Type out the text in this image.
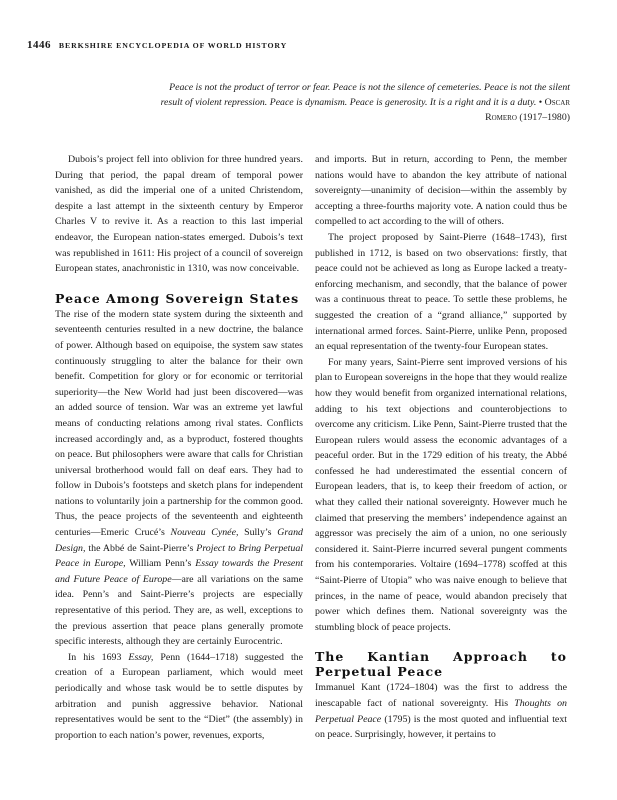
1446 BERKSHIRE ENCYCLOPEDIA OF WORLD HISTORY
Peace is not the product of terror or fear. Peace is not the silence of cemeteries. Peace is not the silent result of violent repression. Peace is dynamism. Peace is generosity. It is a right and it is a duty. • Oscar Romero (1917–1980)

Dubois’s project fell into oblivion for three hundred years. During that period, the papal dream of temporal power vanished, as did the imperial one of a united Christendom, despite a last attempt in the sixteenth century by Emperor Charles V to revive it. As a reaction to this last imperial endeavor, the European nation-states emerged. Dubois’s text was republished in 1611: His project of a council of sovereign European states, anachronistic in 1310, was now conceivable.

Peace Among Sovereign States

The rise of the modern state system during the sixteenth and seventeenth centuries resulted in a new doctrine, the balance of power. Although based on equipoise, the system saw states continuously struggling to alter the balance for their own benefit. Competition for glory or for economic or territorial superiority—the New World had just been discovered—was an added source of tension. War was an extreme yet lawful means of conducting relations among rival states. Conflicts increased accordingly and, as a byproduct, fostered thoughts on peace. But philosophers were aware that calls for Christian universal brotherhood would fall on deaf ears. They had to follow in Dubois’s footsteps and sketch plans for independent nations to voluntarily join a partnership for the common good. Thus, the peace projects of the seventeenth and eighteenth centuries—Emeric Crucé’s Nouveau Cynée, Sully’s Grand Design, the Abbé de Saint-Pierre’s Project to Bring Perpetual Peace in Europe, William Penn’s Essay towards the Present and Future Peace of Europe—are all variations on the same idea. Penn’s and Saint-Pierre’s projects are especially representative of this period. They are, as well, exceptions to the previous assertion that peace plans generally promote specific interests, although they are certainly Eurocentric.

In his 1693 Essay, Penn (1644–1718) suggested the creation of a European parliament, which would meet periodically and whose task would be to settle disputes by arbitration and punish aggressive behavior. National representatives would be sent to the “Diet” (the assembly) in proportion to each nation’s power, revenues, exports,

and imports. But in return, according to Penn, the member nations would have to abandon the key attribute of national sovereignty—unanimity of decision—within the assembly by accepting a three-fourths majority vote. A nation could thus be compelled to act according to the will of others.

The project proposed by Saint-Pierre (1648–1743), first published in 1712, is based on two observations: firstly, that peace could not be achieved as long as Europe lacked a treaty-enforcing mechanism, and secondly, that the balance of power was a continuous threat to peace. To settle these problems, he suggested the creation of a “grand alliance,” supported by international armed forces. Saint-Pierre, unlike Penn, proposed an equal representation of the twenty-four European states.

For many years, Saint-Pierre sent improved versions of his plan to European sovereigns in the hope that they would realize how they would benefit from organized international relations, adding to his text objections and counterobjections to overcome any criticism. Like Penn, Saint-Pierre trusted that the European rulers would assess the economic advantages of a peaceful order. But in the 1729 edition of his treaty, the Abbé confessed he had underestimated the essential concern of European leaders, that is, to keep their freedom of action, or what they called their national sovereignty. However much he claimed that preserving the members’ independence against an aggressor was precisely the aim of a union, no one seriously considered it. Saint-Pierre incurred several pungent comments from his contemporaries. Voltaire (1694–1778) scoffed at this “Saint-Pierre of Utopia” who was naive enough to believe that princes, in the name of peace, would abandon precisely that power which defines them. National sovereignty was the stumbling block of peace projects.

The Kantian Approach to Perpetual Peace

Immanuel Kant (1724–1804) was the first to address the inescapable fact of national sovereignty. His Thoughts on Perpetual Peace (1795) is the most quoted and influential text on peace. Surprisingly, however, it pertains to
